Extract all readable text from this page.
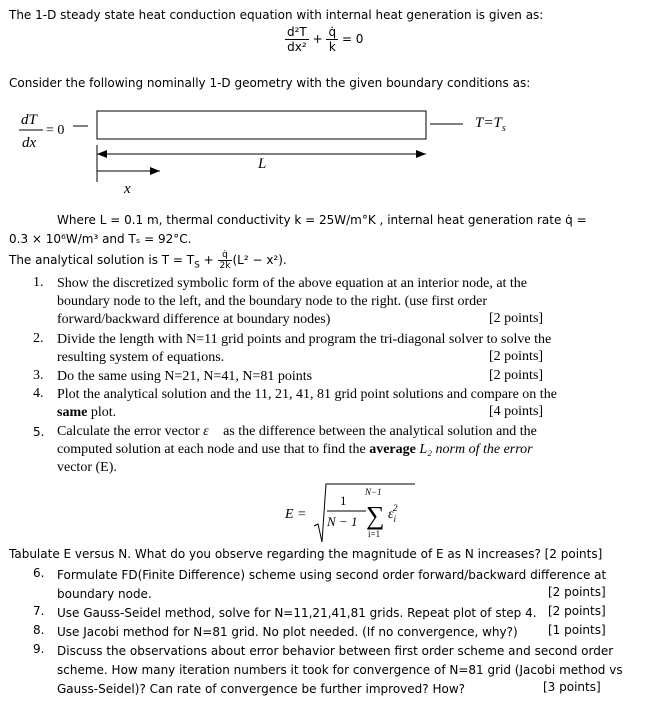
The 1-D steady state heat conduction equation with internal heat generation is given as:
$\frac{\text{d²T}}{\text{dx²}} + \frac{q̇}{k} = 0$
Consider the following nominally 1-D geometry with the given boundary conditions as:
dT
dx
= 0	$T=T_s$
L
x
Where L = 0.1 m, thermal conductivity k = 25W/m°K , internal heat generation rate q̇ =
0.3 × 10⁶W/m³ and Tₛ = 92°C.
The analytical solution is $T = T_S + \frac{q̇}{2k} (L^2 - x^2)$.
1. Show the discretized symbolic form of the above equation at an interior node, at the
boundary node to the left, and the boundary node to the right. (use first order
forward/backward difference at boundary nodes)	[2 points]
2. Divide the length with N=11 grid points and program the tri-diagonal solver to solve the
resulting system of equations.	[2 points]
3. Do the same using N=21, N=41, N=81 points	[2 points]
4. Plot the analytical solution and the 11, 21, 41, 81 grid point solutions and compare on the
same plot.	[4 points]
5. Calculate the error vector ε⃗ as the difference between the analytical solution and the
computed solution at each node and use that to find the average L₂ norm of the error
vector (E).
E =
1
N − 1
N−1
∑
i=1
$\varepsilon_i2$
Tabulate E versus N. What do you observe regarding the magnitude of E as N increases? [2 points]
6. Formulate FD(Finite Difference) scheme using second order forward/backward difference at
boundary node.	[2 points]
7. Use Gauss-Seidel method, solve for N=11,21,41,81 grids. Repeat plot of step 4. [2 points]
8. Use Jacobi method for N=81 grid. No plot needed. (If no convergence, why?)	[1 points]
9. Discuss the observations about error behavior between first order scheme and second order
scheme. How many iteration numbers it took for convergence of N=81 grid (Jacobi method vs
Gauss-Seidel)? Can rate of convergence be further improved? How?	[3 points]
